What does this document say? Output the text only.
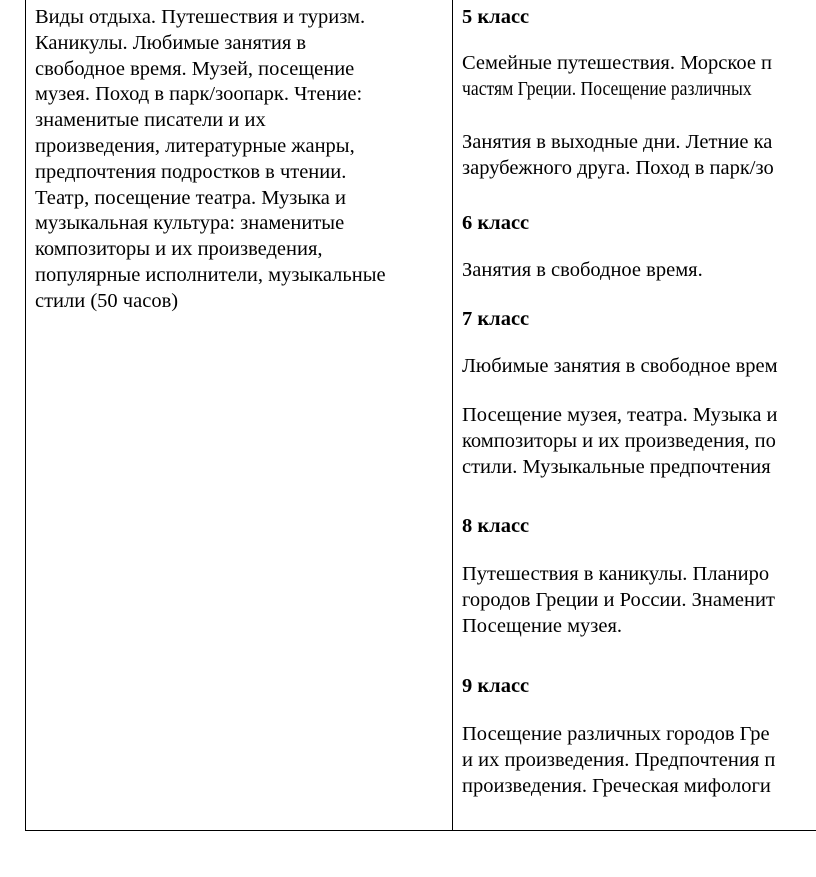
Виды отдыха. Путешествия и туризм.
Каникулы. Любимые занятия в
свободное время. Музей, посещение
музея. Поход в парк/зоопарк. Чтение:
знаменитые писатели и их
произведения, литературные жанры,
предпочтения подростков в чтении.
Театр, посещение театра. Музыка и
музыкальная культура: знаменитые
композиторы и их произведения,
популярные исполнители, музыкальные
стили (50 часов)
5 класс
Семейные путешествия. Морское п
частям Греции. Посещение различных
Занятия в выходные дни. Летние ка
зарубежного друга. Поход в парк/зо
6 класс
Занятия в свободное время.
7 класс
Любимые занятия в свободное врем
Посещение музея, театра. Музыка и
композиторы и их произведения, по
стили. Музыкальные предпочтения
8 класс
Путешествия в каникулы. Планиро
городов Греции и России. Знаменит
Посещение музея.
9 класс
Посещение различных городов Гре
и их произведения. Предпочтения п
произведения. Греческая мифологи
